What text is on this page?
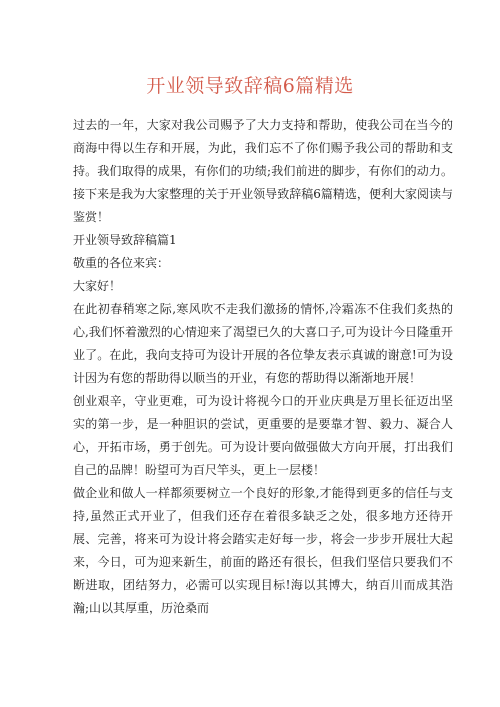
开业领导致辞稿6篇精选

过去的一年，大家对我公司赐予了大力支持和帮助，使我公司在当今的商海中得以生存和开展，为此，我们忘不了你们赐予我公司的帮助和支持。我们取得的成果，有你们的功绩;我们前进的脚步，有你们的动力。接下来是我为大家整理的关于开业领导致辞稿6篇精选，便利大家阅读与鉴赏！

开业领导致辞稿篇1

敬重的各位来宾：

大家好！

在此初春稍寒之际,寒风吹不走我们激扬的情怀,冷霜冻不住我们炙热的心,我们怀着激烈的心情迎来了渴望已久的大喜口子,可为设计今日隆重开业了。在此，我向支持可为设计开展的各位挚友表示真诚的谢意!可为设计因为有您的帮助得以顺当的开业，有您的帮助得以渐渐地开展！

创业艰辛，守业更难，可为设计将视今口的开业庆典是万里长征迈出坚实的第一步，是一种胆识的尝试，更重要的是要靠才智、毅力、凝合人心，开拓市场，勇于创先。可为设计要向做强做大方向开展，打出我们自己的品牌！盼望可为百尺竿头，更上一层楼！

做企业和做人一样都须要树立一个良好的形象,才能得到更多的信任与支持,虽然正式开业了，但我们还存在着很多缺乏之处，很多地方还待开展、完善，将来可为设计将会踏实走好每一步，将会一步步开展壮大起来，今日，可为迎来新生，前面的路还有很长，但我们坚信只要我们不断进取，团结努力，必需可以实现目标!海以其博大，纳百川而成其浩瀚;山以其厚重，历沧桑而
